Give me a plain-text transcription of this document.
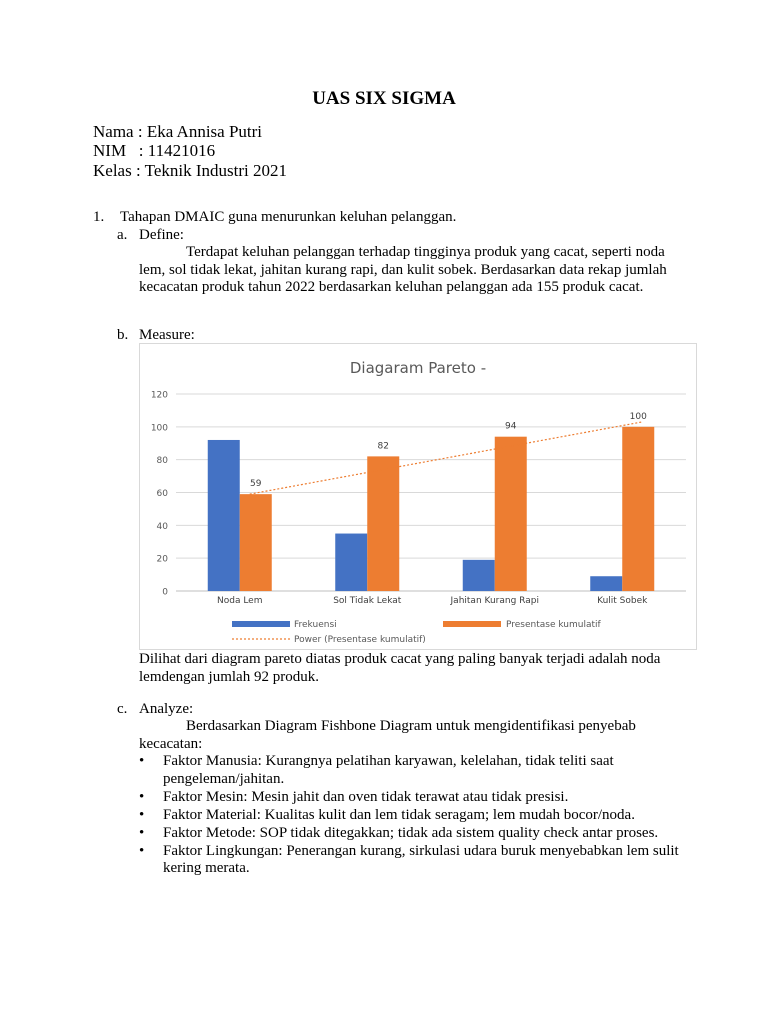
UAS SIX SIGMA
Nama : Eka Annisa Putri
NIM   : 11421016
Kelas : Teknik Industri 2021
1. Tahapan DMAIC guna menurunkan keluhan pelanggan.
a. Define:
Terdapat keluhan pelanggan terhadap tingginya produk yang cacat, seperti noda lem, sol tidak lekat, jahitan kurang rapi, dan kulit sobek. Berdasarkan data rekap jumlah kecacatan produk tahun 2022 berdasarkan keluhan pelanggan ada 155 produk cacat.
b. Measure:
Diagaram Pareto -
0
20
40
60
80
100
120
Noda Lem	Sol Tidak Lekat	Jahitan Kurang Rapi	Kulit Sobek
59
82
94
100
Frekuensi	Presentase kumulatif
Power (Presentase kumulatif)
Dilihat dari diagram pareto diatas produk cacat yang paling banyak terjadi adalah noda lemdengan jumlah 92 produk.
c. Analyze:
Berdasarkan Diagram Fishbone Diagram untuk mengidentifikasi penyebab kecacatan:
• Faktor Manusia: Kurangnya pelatihan karyawan, kelelahan, tidak teliti saat pengeleman/jahitan.
• Faktor Mesin: Mesin jahit dan oven tidak terawat atau tidak presisi.
• Faktor Material: Kualitas kulit dan lem tidak seragam; lem mudah bocor/noda.
• Faktor Metode: SOP tidak ditegakkan; tidak ada sistem quality check antar proses.
• Faktor Lingkungan: Penerangan kurang, sirkulasi udara buruk menyebabkan lem sulit kering merata.
